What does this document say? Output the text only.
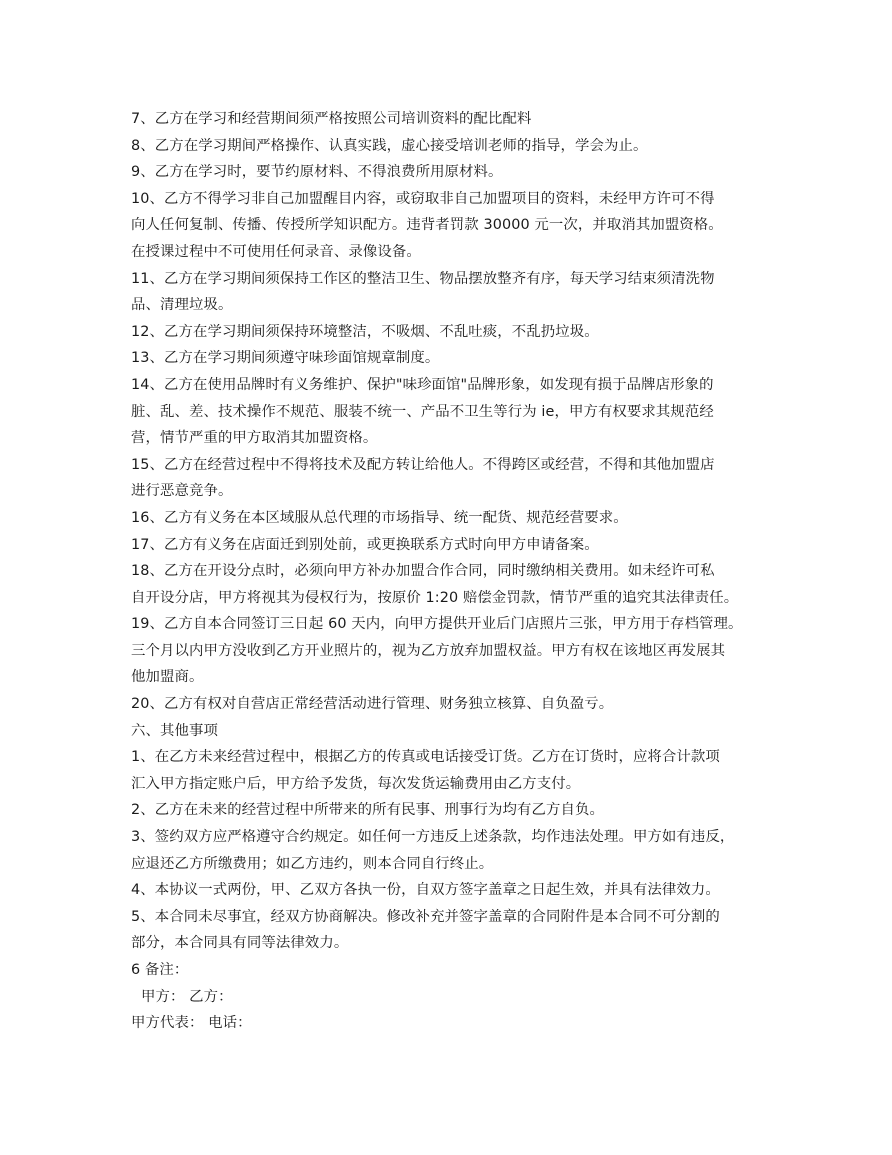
7、乙方在学习和经营期间须严格按照公司培训资料的配比配料
8、乙方在学习期间严格操作、认真实践，虚心接受培训老师的指导，学会为止。
9、乙方在学习时，要节约原材料、不得浪费所用原材料。
10、乙方不得学习非自己加盟醒目内容，或窃取非自己加盟项目的资料，未经甲方许可不得
向人任何复制、传播、传授所学知识配方。违背者罚款 30000 元一次，并取消其加盟资格。
在授课过程中不可使用任何录音、录像设备。
11、乙方在学习期间须保持工作区的整洁卫生、物品摆放整齐有序，每天学习结束须清洗物
品、清理垃圾。
12、乙方在学习期间须保持环境整洁，不吸烟、不乱吐痰，不乱扔垃圾。
13、乙方在学习期间须遵守味珍面馆规章制度。
14、乙方在使用品牌时有义务维护、保护"味珍面馆"品牌形象，如发现有损于品牌店形象的
脏、乱、差、技术操作不规范、服装不统一、产品不卫生等行为 ie，甲方有权要求其规范经
营，情节严重的甲方取消其加盟资格。
15、乙方在经营过程中不得将技术及配方转让给他人。不得跨区或经营，不得和其他加盟店
进行恶意竞争。
16、乙方有义务在本区域服从总代理的市场指导、统一配货、规范经营要求。
17、乙方有义务在店面迁到别处前，或更换联系方式时向甲方申请备案。
18、乙方在开设分点时，必须向甲方补办加盟合作合同，同时缴纳相关费用。如未经许可私
自开设分店，甲方将视其为侵权行为，按原价 1:20 赔偿金罚款，情节严重的追究其法律责任。
19、乙方自本合同签订三日起 60 天内，向甲方提供开业后门店照片三张，甲方用于存档管理。
三个月以内甲方没收到乙方开业照片的，视为乙方放弃加盟权益。甲方有权在该地区再发展其
他加盟商。
20、乙方有权对自营店正常经营活动进行管理、财务独立核算、自负盈亏。
六、其他事项
1、在乙方未来经营过程中，根据乙方的传真或电话接受订货。乙方在订货时，应将合计款项
汇入甲方指定账户后，甲方给予发货，每次发货运输费用由乙方支付。
2、乙方在未来的经营过程中所带来的所有民事、刑事行为均有乙方自负。
3、签约双方应严格遵守合约规定。如任何一方违反上述条款，均作违法处理。甲方如有违反，
应退还乙方所缴费用；如乙方违约，则本合同自行终止。
4、本协议一式两份，甲、乙双方各执一份，自双方签字盖章之日起生效，并具有法律效力。
5、本合同未尽事宜，经双方协商解决。修改补充并签字盖章的合同附件是本合同不可分割的
部分，本合同具有同等法律效力。
6 备注：
甲方： 乙方：
甲方代表： 电话：
